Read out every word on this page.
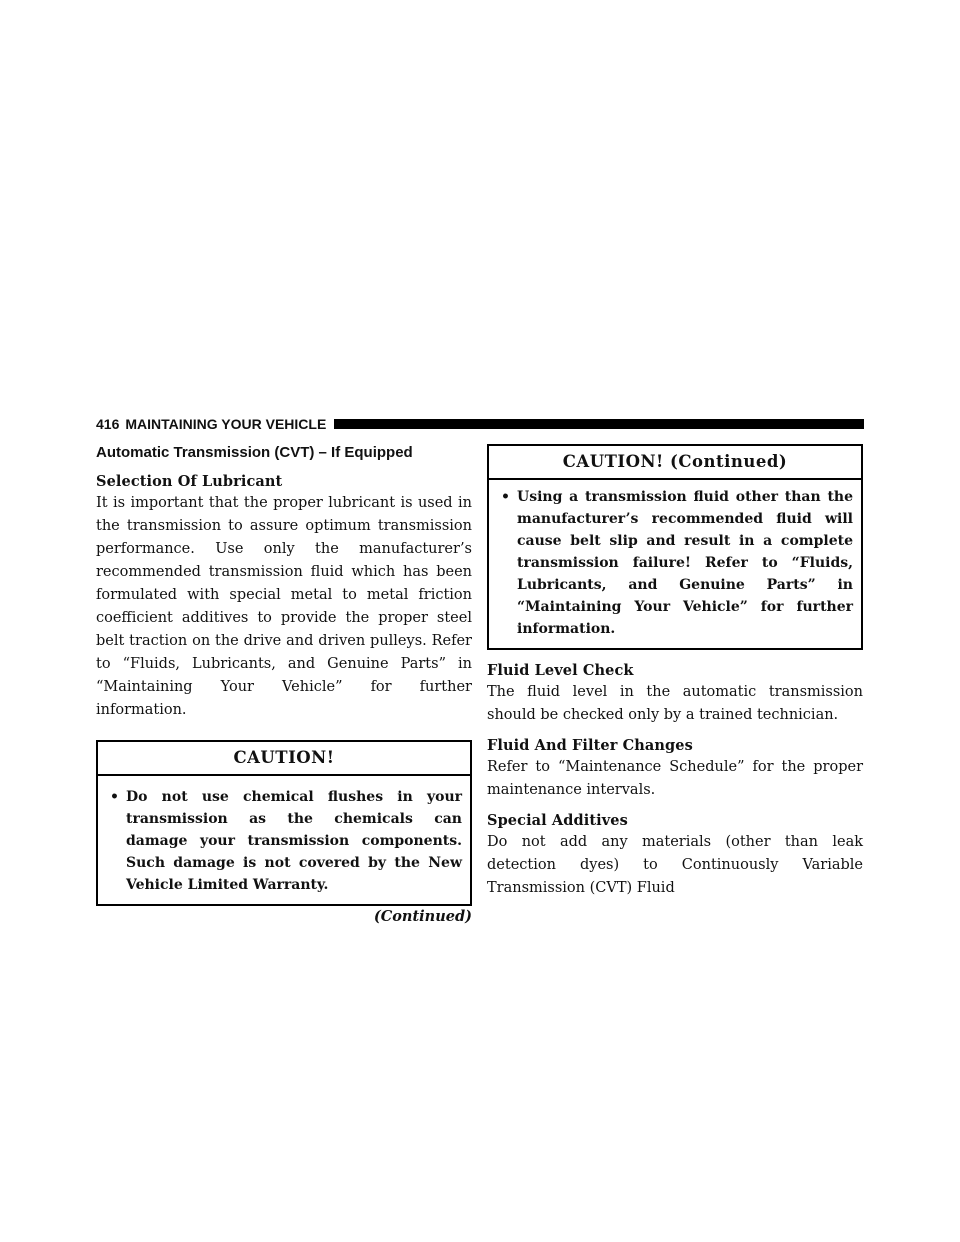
416 MAINTAINING YOUR VEHICLE
Automatic Transmission (CVT) – If Equipped
Selection Of Lubricant

It is important that the proper lubricant is used in the transmission to assure optimum transmission performance. Use only the manufacturer’s recommended transmission fluid which has been formulated with special metal to metal friction coefficient additives to provide the proper steel belt traction on the drive and driven pulleys. Refer to “Fluids, Lubricants, and Genuine Parts” in “Maintaining Your Vehicle” for further information.

CAUTION!
• Do not use chemical flushes in your transmission as the chemicals can damage your transmission components. Such damage is not covered by the New Vehicle Limited Warranty.
(Continued)
CAUTION! (Continued)
• Using a transmission fluid other than the manufacturer’s recommended fluid will cause belt slip and result in a complete transmission failure! Refer to “Fluids, Lubricants, and Genuine Parts” in “Maintaining Your Vehicle” for further information.
Fluid Level Check

The fluid level in the automatic transmission should be checked only by a trained technician.

Fluid And Filter Changes

Refer to “Maintenance Schedule” for the proper maintenance intervals.

Special Additives

Do not add any materials (other than leak detection dyes) to Continuously Variable Transmission (CVT) Fluid
